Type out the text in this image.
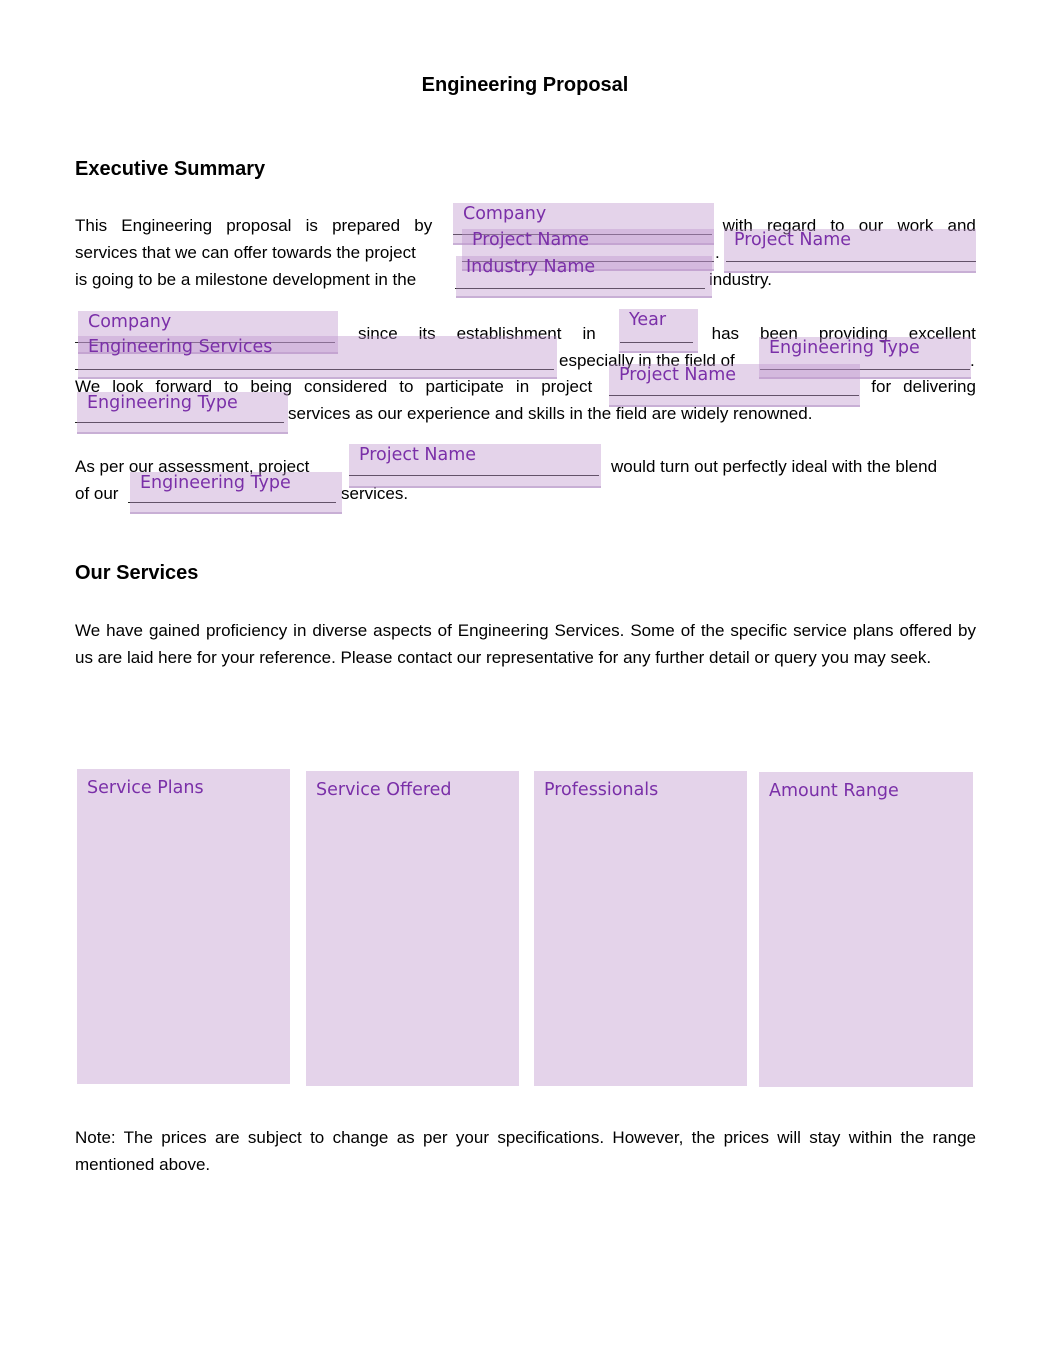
Engineering Proposal
Executive Summary
This Engineering proposal is prepared by	with regard to our work and
services that we can offer towards the project	.
is going to be a milestone development in the	industry.
since its establishment in	has been providing excellent
especially in the field of	.
We look forward to being considered to participate in project	for delivering
services as our experience and skills in the field are widely renowned.
As per our assessment, project	would turn out perfectly ideal with the blend
of our	services.
Company
Project Name	Project Name
Industry Name
Company	Year
Engineering Services	Engineering Type
Project Name
Engineering Type
Project Name
Engineering Type
Our Services
We have gained proficiency in diverse aspects of Engineering Services. Some of the specific service plans offered by us are laid here for your reference. Please contact our representative for any further detail or query you may seek.
Service Plans	Service Offered	Professionals	Amount Range
Note: The prices are subject to change as per your specifications. However, the prices will stay within the range mentioned above.
